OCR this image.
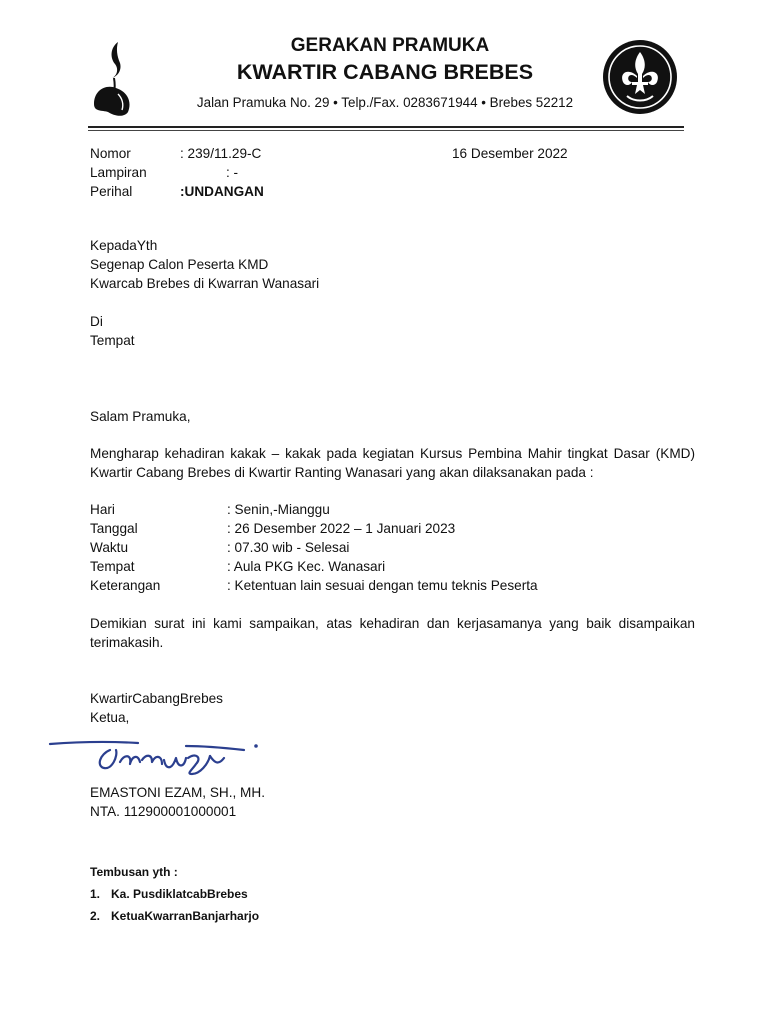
GERAKAN PRAMUKA
KWARTIR CABANG BREBES
Jalan Pramuka No. 29 • Telp./Fax. 0283671944 • Brebes 52212
Nomor	: 239/11.29-C
Lampiran	: -
Perihal	:UNDANGAN
16 Desember 2022
KepadaYth
Segenap Calon Peserta KMD
Kwarcab Brebes di Kwarran Wanasari
Di
Tempat
Salam Pramuka,
Mengharap kehadiran kakak – kakak pada kegiatan Kursus Pembina Mahir tingkat Dasar (KMD)
Kwartir Cabang Brebes di Kwartir Ranting Wanasari yang akan dilaksanakan pada :
Hari	: Senin,-Mianggu
Tanggal	: 26 Desember 2022 – 1 Januari 2023
Waktu	: 07.30 wib - Selesai
Tempat	: Aula PKG Kec. Wanasari
Keterangan	: Ketentuan lain sesuai dengan temu teknis Peserta
Demikian surat ini kami sampaikan, atas kehadiran dan kerjasamanya yang baik disampaikan
terimakasih.
KwartirCabangBrebes
Ketua,
EMASTONI EZAM, SH., MH.
NTA. 112900001000001
Tembusan yth :
1. Ka. PusdiklatcabBrebes
2. KetuaKwarranBanjarharjo
